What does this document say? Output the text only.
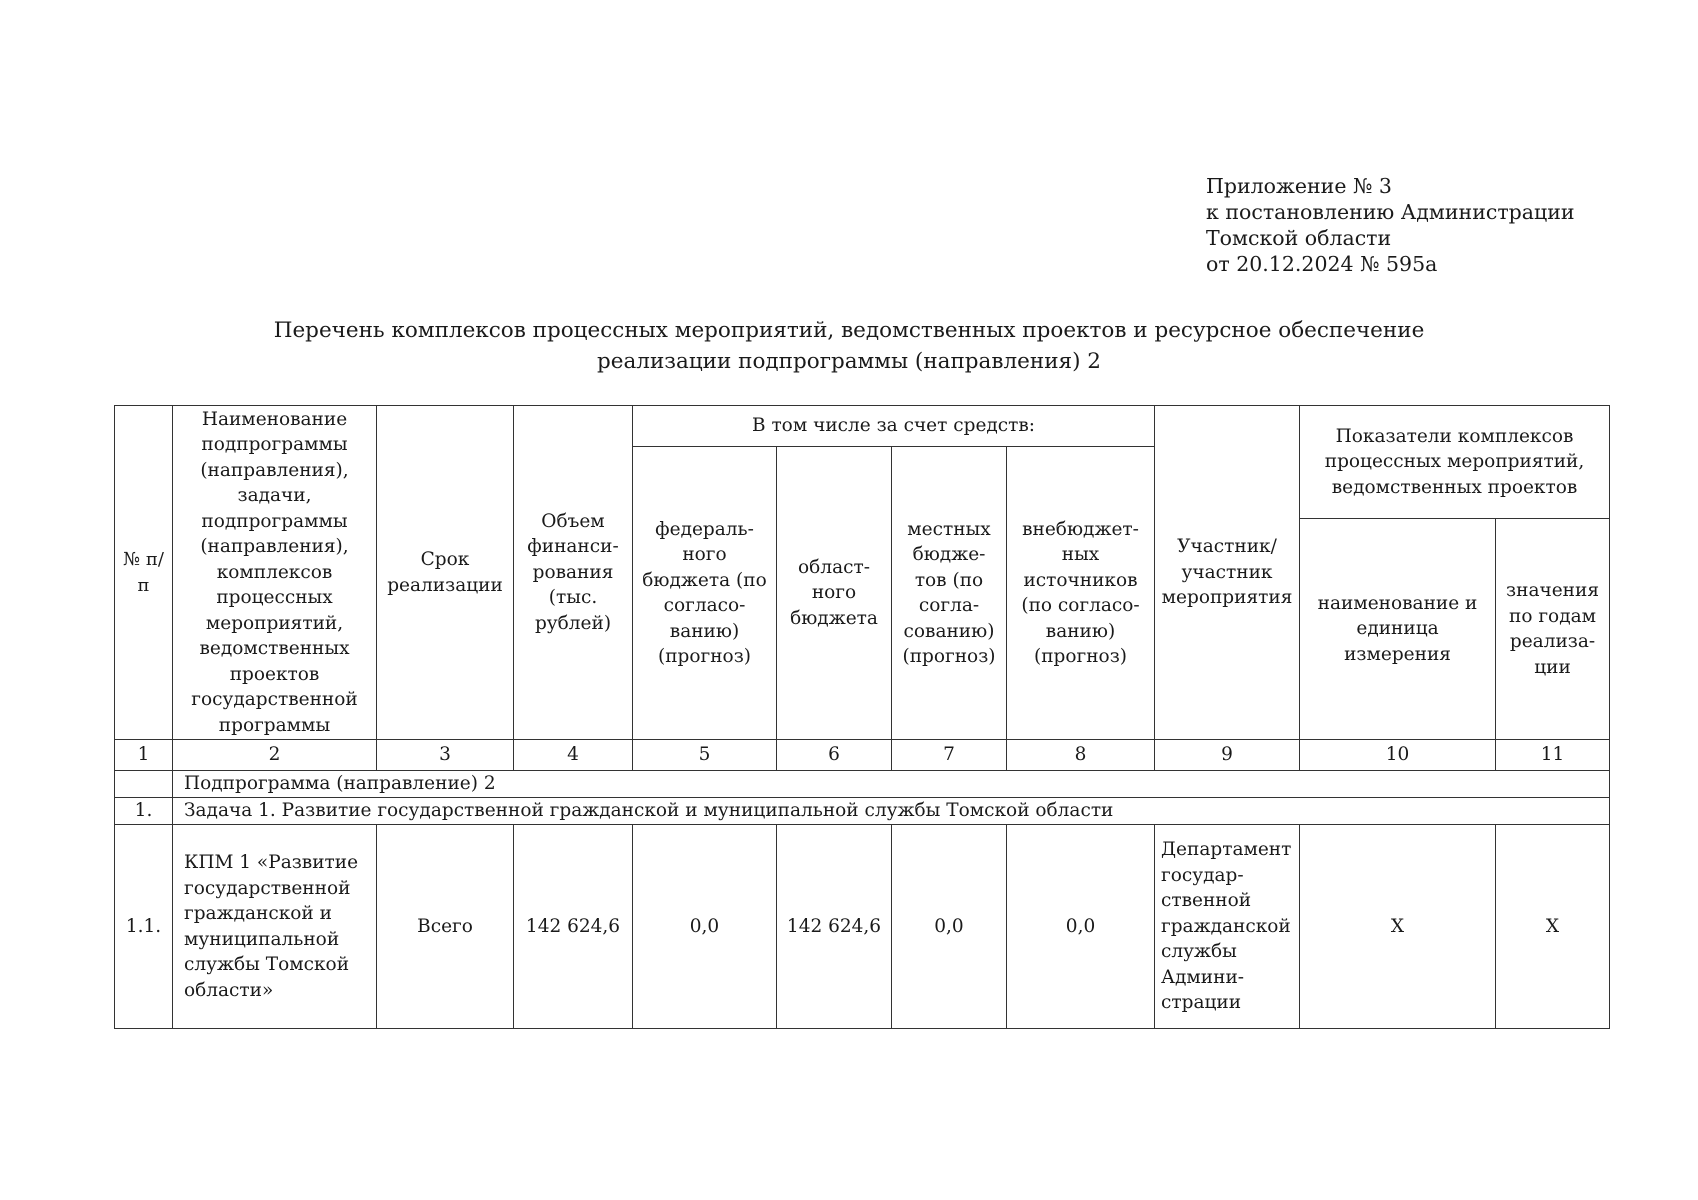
Приложение № 3
к постановлению Администрации
Томской области
от 20.12.2024 № 595а
Перечень комплексов процессных мероприятий, ведомственных проектов и ресурсное обеспечение
реализации подпрограммы (направления) 2
№ п/п	Наименование подпрограммы (направления), задачи, подпрограммы (направления), комплексов процессных мероприятий, ведомственных проектов государственной программы	Срок реализации	Объем финанси-рования (тыс. рублей)	В том числе за счет средств:				Участник/ участник мероприятия	Показатели комплексов процессных мероприятий, ведомственных проектов	
				федераль-ного бюджета (по согласо-ванию) (прогноз)	област-ного бюджета	местных бюдже-тов (по согла-сованию) (прогноз)	внебюджет-ных источников (по согласо-ванию) (прогноз)			
									наименование и единица измерения	значения по годам реализа-ции
1	2	3	4	5	6	7	8	9	10	11
	Подпрограмма (направление) 2									
1.	Задача 1. Развитие государственной гражданской и муниципальной службы Томской области									
1.1.	КПМ 1 «Развитие государственной гражданской и муниципальной службы Томской области»	Всего	142 624,6	0,0	142 624,6	0,0	0,0	Департамент государ-ственной гражданской службы Админи-страции	Х	Х
